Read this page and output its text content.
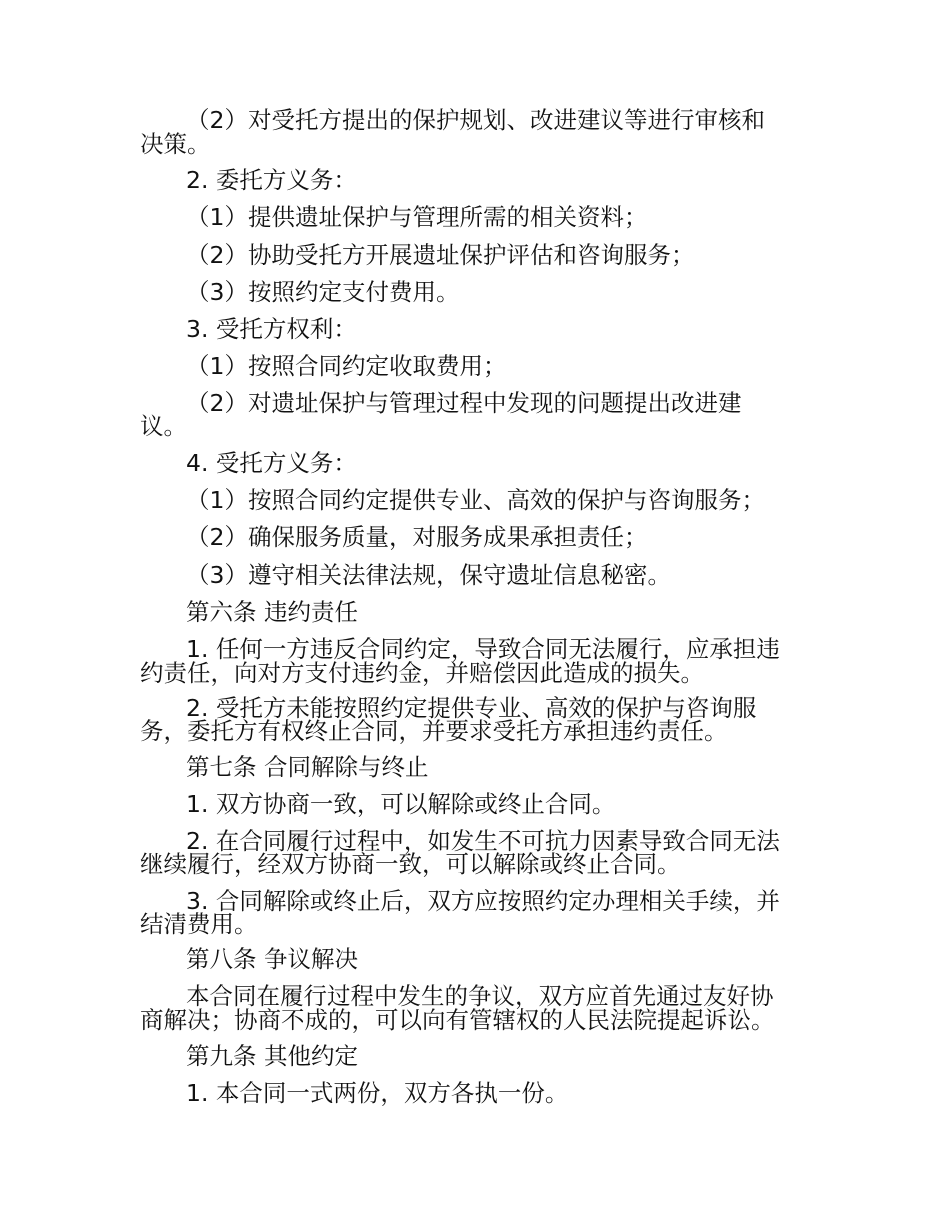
（2）对受托方提出的保护规划、改进建议等进行审核和
决策。
2. 委托方义务：
（1）提供遗址保护与管理所需的相关资料；
（2）协助受托方开展遗址保护评估和咨询服务；
（3）按照约定支付费用。
3. 受托方权利：
（1）按照合同约定收取费用；
（2）对遗址保护与管理过程中发现的问题提出改进建
议。
4. 受托方义务：
（1）按照合同约定提供专业、高效的保护与咨询服务；
（2）确保服务质量，对服务成果承担责任；
（3）遵守相关法律法规，保守遗址信息秘密。
第六条 违约责任
1. 任何一方违反合同约定，导致合同无法履行，应承担违
约责任，向对方支付违约金，并赔偿因此造成的损失。
2. 受托方未能按照约定提供专业、高效的保护与咨询服
务，委托方有权终止合同，并要求受托方承担违约责任。
第七条 合同解除与终止
1. 双方协商一致，可以解除或终止合同。
2. 在合同履行过程中，如发生不可抗力因素导致合同无法
继续履行，经双方协商一致，可以解除或终止合同。
3. 合同解除或终止后，双方应按照约定办理相关手续，并
结清费用。
第八条 争议解决
本合同在履行过程中发生的争议，双方应首先通过友好协
商解决；协商不成的，可以向有管辖权的人民法院提起诉讼。
第九条 其他约定
1. 本合同一式两份，双方各执一份。
